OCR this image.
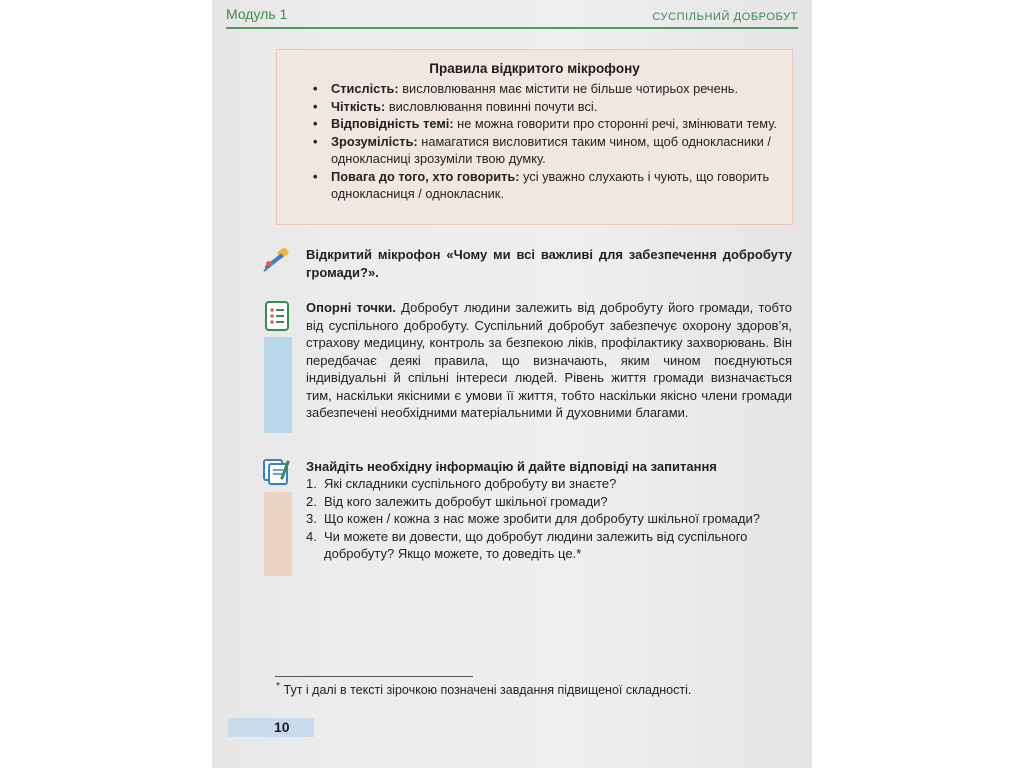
Модуль 1	СУСПІЛЬНИЙ ДОБРОБУТ
Правила відкритого мікрофону
• Стислість: висловлювання має містити не більше чотирьох речень.
• Чіткість: висловлювання повинні почути всі.
• Відповідність темі: не можна говорити про сторонні речі, змінювати тему.
• Зрозумілість: намагатися висловитися таким чином, щоб однокласники / однокласниці зрозуміли твою думку.
• Повага до того, хто говорить: усі уважно слухають і чують, що говорить однокласниця / однокласник.
Відкритий мікрофон «Чому ми всі важливі для забезпечення добробуту громади?».
Опорні точки. Добробут людини залежить від добробуту його громади, тобто від суспільного добробуту. Суспільний добробут забезпечує охорону здоров’я, страхову медицину, контроль за безпекою ліків, профілактику захворювань. Він передбачає деякі правила, що визначають, яким чином поєднуються індивідуальні й спільні інтереси людей. Рівень життя громади визначається тим, наскільки якісними є умови її життя, тобто наскільки якісно члени громади забезпечені необхідними матеріальними й духовними благами.
Знайдіть необхідну інформацію й дайте відповіді на запитання
1. Які складники суспільного добробуту ви знаєте?
2. Від кого залежить добробут шкільної громади?
3. Що кожен / кожна з нас може зробити для добробуту шкільної громади?
4. Чи можете ви довести, що добробут людини залежить від суспільного добробуту? Якщо можете, то доведіть це.*
* Тут і далі в тексті зірочкою позначені завдання підвищеної складності.
10
